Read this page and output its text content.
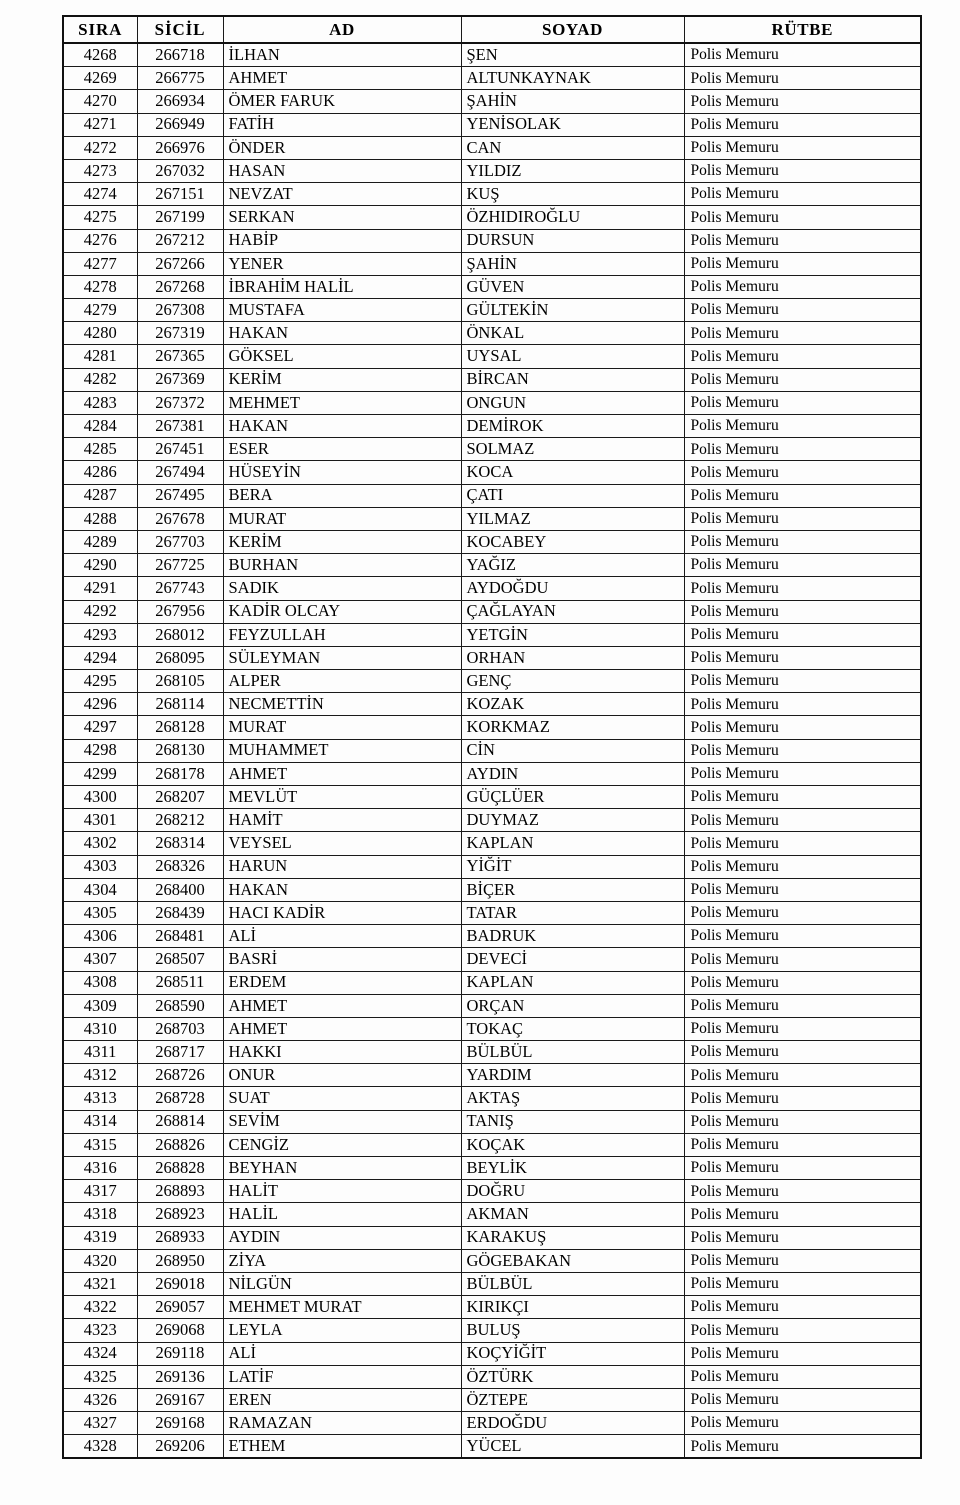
SIRA	SİCİL	AD	SOYAD	RÜTBE
4268	266718	İLHAN	ŞEN	Polis Memuru
4269	266775	AHMET	ALTUNKAYNAK	Polis Memuru
4270	266934	ÖMER FARUK	ŞAHİN	Polis Memuru
4271	266949	FATİH	YENİSOLAK	Polis Memuru
4272	266976	ÖNDER	CAN	Polis Memuru
4273	267032	HASAN	YILDIZ	Polis Memuru
4274	267151	NEVZAT	KUŞ	Polis Memuru
4275	267199	SERKAN	ÖZHIDIROĞLU	Polis Memuru
4276	267212	HABİP	DURSUN	Polis Memuru
4277	267266	YENER	ŞAHİN	Polis Memuru
4278	267268	İBRAHİM HALİL	GÜVEN	Polis Memuru
4279	267308	MUSTAFA	GÜLTEKİN	Polis Memuru
4280	267319	HAKAN	ÖNKAL	Polis Memuru
4281	267365	GÖKSEL	UYSAL	Polis Memuru
4282	267369	KERİM	BİRCAN	Polis Memuru
4283	267372	MEHMET	ONGUN	Polis Memuru
4284	267381	HAKAN	DEMİROK	Polis Memuru
4285	267451	ESER	SOLMAZ	Polis Memuru
4286	267494	HÜSEYİN	KOCA	Polis Memuru
4287	267495	BERA	ÇATI	Polis Memuru
4288	267678	MURAT	YILMAZ	Polis Memuru
4289	267703	KERİM	KOCABEY	Polis Memuru
4290	267725	BURHAN	YAĞIZ	Polis Memuru
4291	267743	SADIK	AYDOĞDU	Polis Memuru
4292	267956	KADİR OLCAY	ÇAĞLAYAN	Polis Memuru
4293	268012	FEYZULLAH	YETGİN	Polis Memuru
4294	268095	SÜLEYMAN	ORHAN	Polis Memuru
4295	268105	ALPER	GENÇ	Polis Memuru
4296	268114	NECMETTİN	KOZAK	Polis Memuru
4297	268128	MURAT	KORKMAZ	Polis Memuru
4298	268130	MUHAMMET	CİN	Polis Memuru
4299	268178	AHMET	AYDIN	Polis Memuru
4300	268207	MEVLÜT	GÜÇLÜER	Polis Memuru
4301	268212	HAMİT	DUYMAZ	Polis Memuru
4302	268314	VEYSEL	KAPLAN	Polis Memuru
4303	268326	HARUN	YİĞİT	Polis Memuru
4304	268400	HAKAN	BİÇER	Polis Memuru
4305	268439	HACI KADİR	TATAR	Polis Memuru
4306	268481	ALİ	BADRUK	Polis Memuru
4307	268507	BASRİ	DEVECİ	Polis Memuru
4308	268511	ERDEM	KAPLAN	Polis Memuru
4309	268590	AHMET	ORÇAN	Polis Memuru
4310	268703	AHMET	TOKAÇ	Polis Memuru
4311	268717	HAKKI	BÜLBÜL	Polis Memuru
4312	268726	ONUR	YARDIM	Polis Memuru
4313	268728	SUAT	AKTAŞ	Polis Memuru
4314	268814	SEVİM	TANIŞ	Polis Memuru
4315	268826	CENGİZ	KOÇAK	Polis Memuru
4316	268828	BEYHAN	BEYLİK	Polis Memuru
4317	268893	HALİT	DOĞRU	Polis Memuru
4318	268923	HALİL	AKMAN	Polis Memuru
4319	268933	AYDIN	KARAKUŞ	Polis Memuru
4320	268950	ZİYA	GÖGEBAKAN	Polis Memuru
4321	269018	NİLGÜN	BÜLBÜL	Polis Memuru
4322	269057	MEHMET MURAT	KIRIKÇI	Polis Memuru
4323	269068	LEYLA	BULUŞ	Polis Memuru
4324	269118	ALİ	KOÇYİĞİT	Polis Memuru
4325	269136	LATİF	ÖZTÜRK	Polis Memuru
4326	269167	EREN	ÖZTEPE	Polis Memuru
4327	269168	RAMAZAN	ERDOĞDU	Polis Memuru
4328	269206	ETHEM	YÜCEL	Polis Memuru
